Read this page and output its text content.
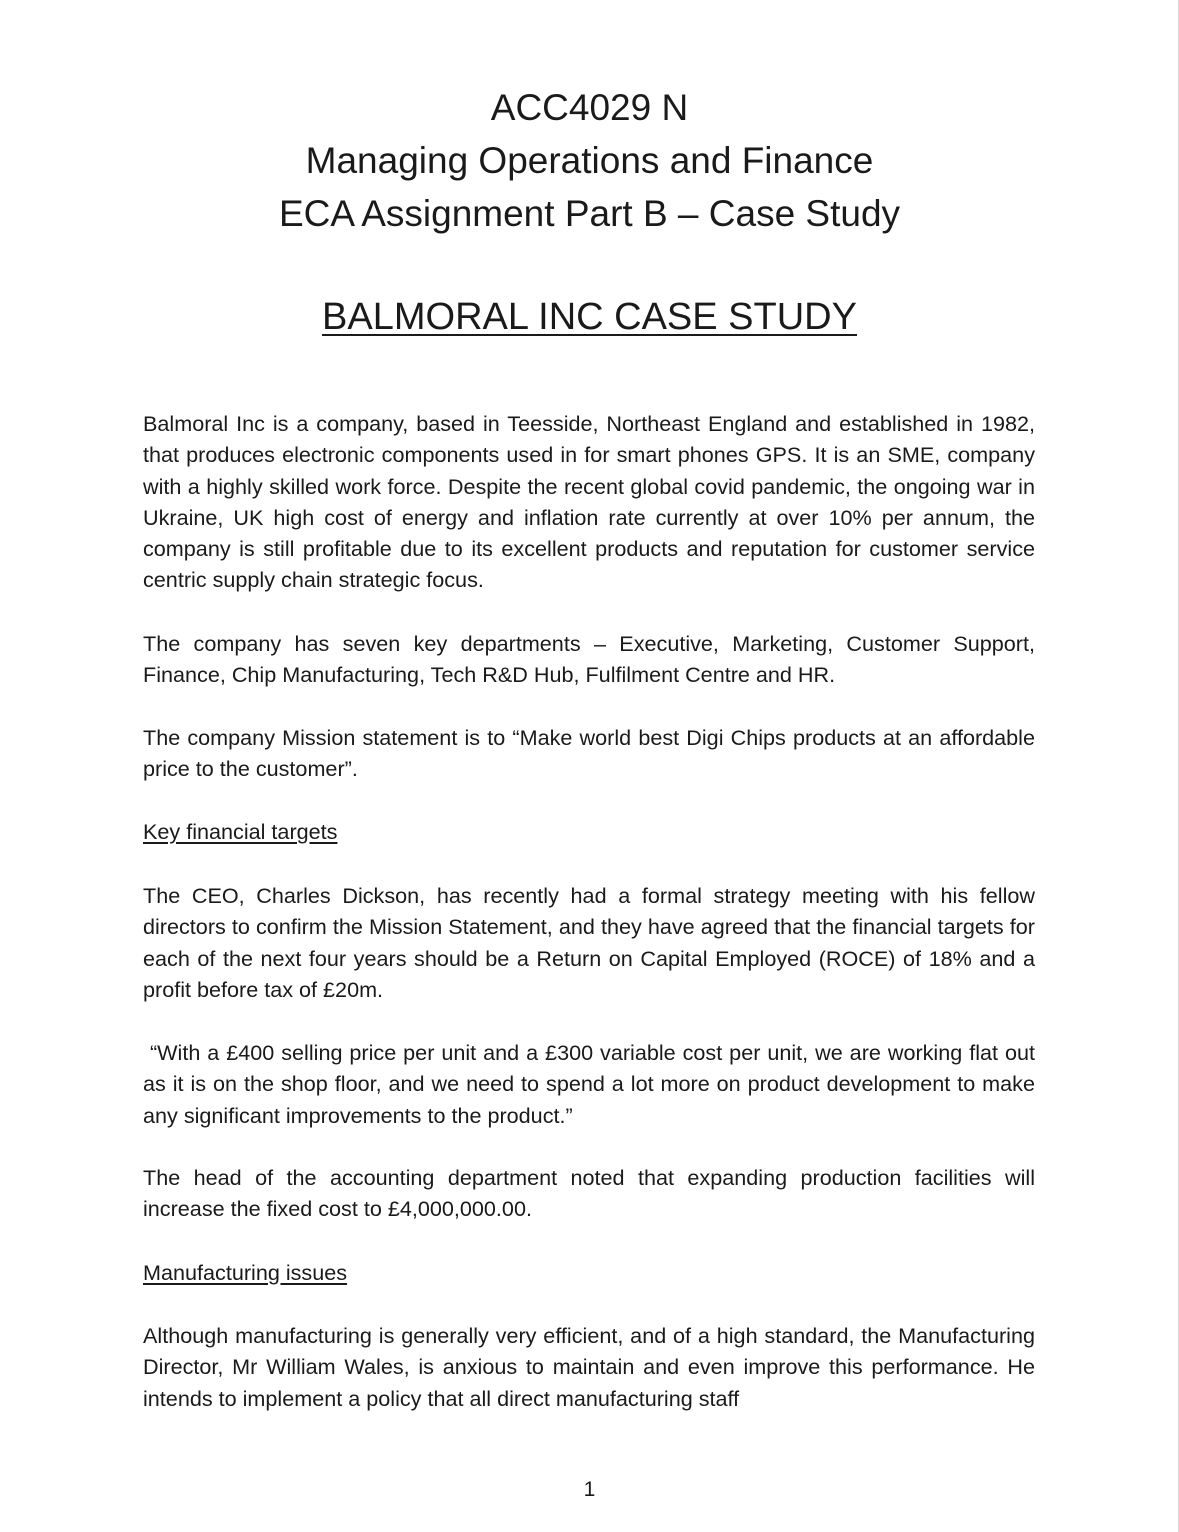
ACC4029 N

Managing Operations and Finance

ECA Assignment Part B – Case Study

BALMORAL INC CASE STUDY

Balmoral Inc is a company, based in Teesside, Northeast England and established in 1982, that produces electronic components used in for smart phones GPS. It is an SME, company with a highly skilled work force. Despite the recent global covid pandemic, the ongoing war in Ukraine, UK high cost of energy and inflation rate currently at over 10% per annum, the company is still profitable due to its excellent products and reputation for customer service centric supply chain strategic focus.

The company has seven key departments – Executive, Marketing, Customer Support, Finance, Chip Manufacturing, Tech R&D Hub, Fulfilment Centre and HR.

The company Mission statement is to “Make world best Digi Chips products at an affordable price to the customer”.

Key financial targets

The CEO, Charles Dickson, has recently had a formal strategy meeting with his fellow directors to confirm the Mission Statement, and they have agreed that the financial targets for each of the next four years should be a Return on Capital Employed (ROCE) of 18% and a profit before tax of £20m.

“With a £400 selling price per unit and a £300 variable cost per unit, we are working flat out as it is on the shop floor, and we need to spend a lot more on product development to make any significant improvements to the product.”

The head of the accounting department noted that expanding production facilities will increase the fixed cost to £4,000,000.00.

Manufacturing issues

Although manufacturing is generally very efficient, and of a high standard, the Manufacturing Director, Mr William Wales, is anxious to maintain and even improve this performance. He intends to implement a policy that all direct manufacturing staff

1
